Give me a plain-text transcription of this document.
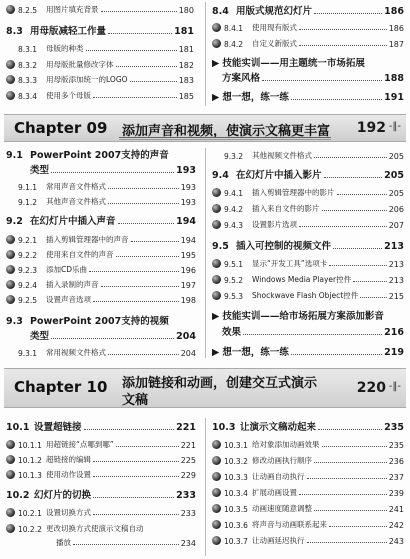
8.2.5	用图片填充背景	180
8.3 用母版减轻工作量	181
8.3.1	母版的种类	181
8.3.2	用母版批量修改字体	182
8.3.3	用母版添加统一的LOGO	183
8.3.4	使用多个母版	185
8.4 用版式规范幻灯片	186
8.4.1	使用现有版式	186
8.4.2	自定义新版式	187
▶ 技能实训 ——用主题统一市场拓展
方案风格	188
▶ 想一想，练一练	191
Chapter 09 添加声音和视频，使演示文稿更丰富 192 -‖-
9.1 PowerPoint 2007支持的声音
类型	193
9.1.1	常用声音文件格式	193
9.1.2	其他声音文件格式	193
9.2 在幻灯片中插入声音	194
9.2.1	插入剪辑管理器中的声音	194
9.2.2	使用来自文件的声音	195
9.2.3	添加CD乐曲	196
9.2.4	插入录制的声音	197
9.2.5	设置声音选项	198
9.3 PowerPoint 2007支持的视频
类型	204
9.3.1	常用视频文件格式	204
9.3.2	其他视频文件格式	205
9.4 在幻灯片中插入影片	205
9.4.1	插入剪辑管理器中的影片	205
9.4.2	插入来自文件的影片	206
9.4.3	设置影片选项	207
9.5 插入可控制的视频文件	213
9.5.1	显示“开发工具”选项卡	213
9.5.2	Windows Media Player控件	213
9.5.3	Shockwave Flash Object控件	215
▶ 技能实训 ——给市场拓展方案添加影音
效果	216
▶ 想一想，练一练	219
Chapter 10 添加链接和动画，创建交互式演示
文稿
220 -‖-
10.1 设置超链接	221
10.1.1 用超链接“点哪到哪”	221
10.1.2 超链接的编辑	225
10.1.3 使用动作设置	229
10.2 幻灯片的切换	233
10.2.1 设置切换方式	233
10.2.2 更改切换方式使演示文稿自动
播放	234
10.3 让演示文稿动起来	235
10.3.1 给对象添加动画效果	235
10.3.2 修改动画执行顺序	236
10.3.3 让动画自动执行	237
10.3.4 扩展动画设置	239
10.3.5 动画速度随意调整	241
10.3.6 将声音与动画联系起来	242
10.3.7 让动画延迟执行	243
